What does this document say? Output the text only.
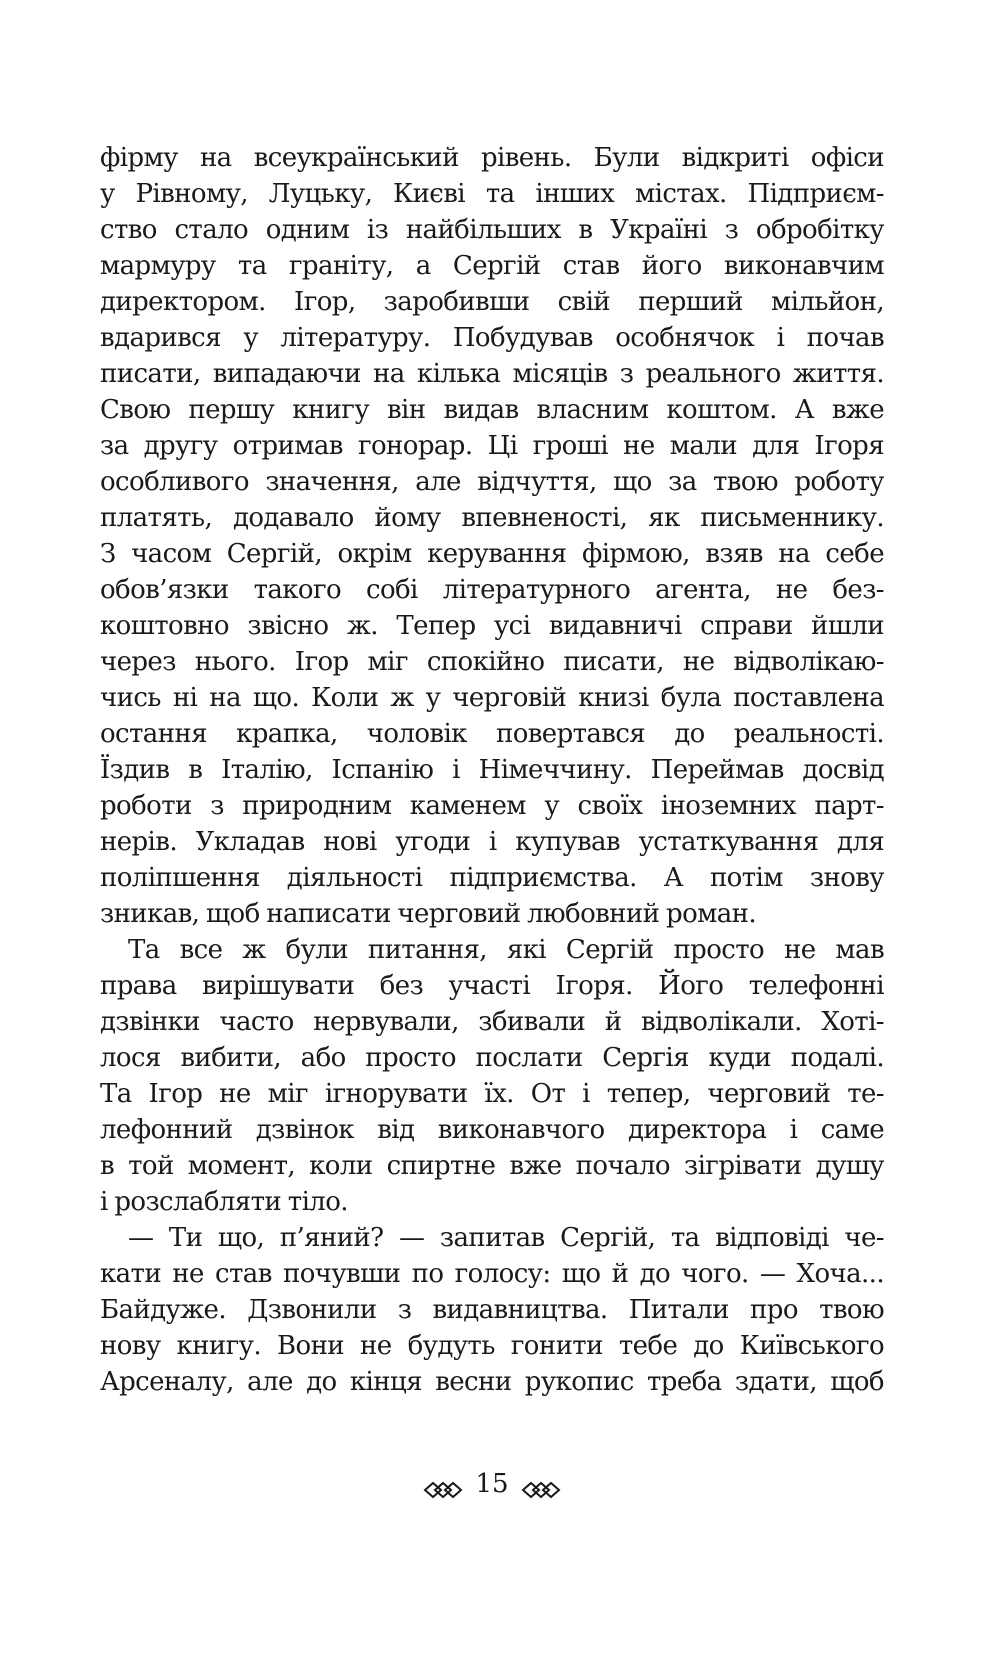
фірму на всеукраїнський рівень. Були відкриті офіси
у Рівному, Луцьку, Києві та інших містах. Підприєм-
ство стало одним із найбільших в Україні з обробітку
мармуру та граніту, а Сергій став його виконавчим
директором. Ігор, заробивши свій перший мільйон,
вдарився у літературу. Побудував особнячок і почав
писати, випадаючи на кілька місяців з реального життя.
Свою першу книгу він видав власним коштом. А вже
за другу отримав гонорар. Ці гроші не мали для Ігоря
особливого значення, але відчуття, що за твою роботу
платять, додавало йому впевненості, як письменнику.
З часом Сергій, окрім керування фірмою, взяв на себе
обов’язки такого собі літературного агента, не без-
коштовно звісно ж. Тепер усі видавничі справи йшли
через нього. Ігор міг спокійно писати, не відволікаю-
чись ні на що. Коли ж у черговій книзі була поставлена
остання крапка, чоловік повертався до реальності.
Їздив в Італію, Іспанію і Німеччину. Переймав досвід
роботи з природним каменем у своїх іноземних парт-
нерів. Укладав нові угоди і купував устаткування для
поліпшення діяльності підприємства. А потім знову
зникав, щоб написати черговий любовний роман.
Та все ж були питання, які Сергій просто не мав
права вирішувати без участі Ігоря. Його телефонні
дзвінки часто нервували, збивали й відволікали. Хоті-
лося вибити, або просто послати Сергія куди подалі.
Та Ігор не міг ігнорувати їх. От і тепер, черговий те-
лефонний дзвінок від виконавчого директора і саме
в той момент, коли спиртне вже почало зігрівати душу
і розслабляти тіло.
— Ти що, п’яний? — запитав Сергій, та відповіді че-
кати не став почувши по голосу: що й до чого. — Хоча...
Байдуже. Дзвонили з видавництва. Питали про твою
нову книгу. Вони не будуть гонити тебе до Київського
Арсеналу, але до кінця весни рукопис треба здати, щоб
15
